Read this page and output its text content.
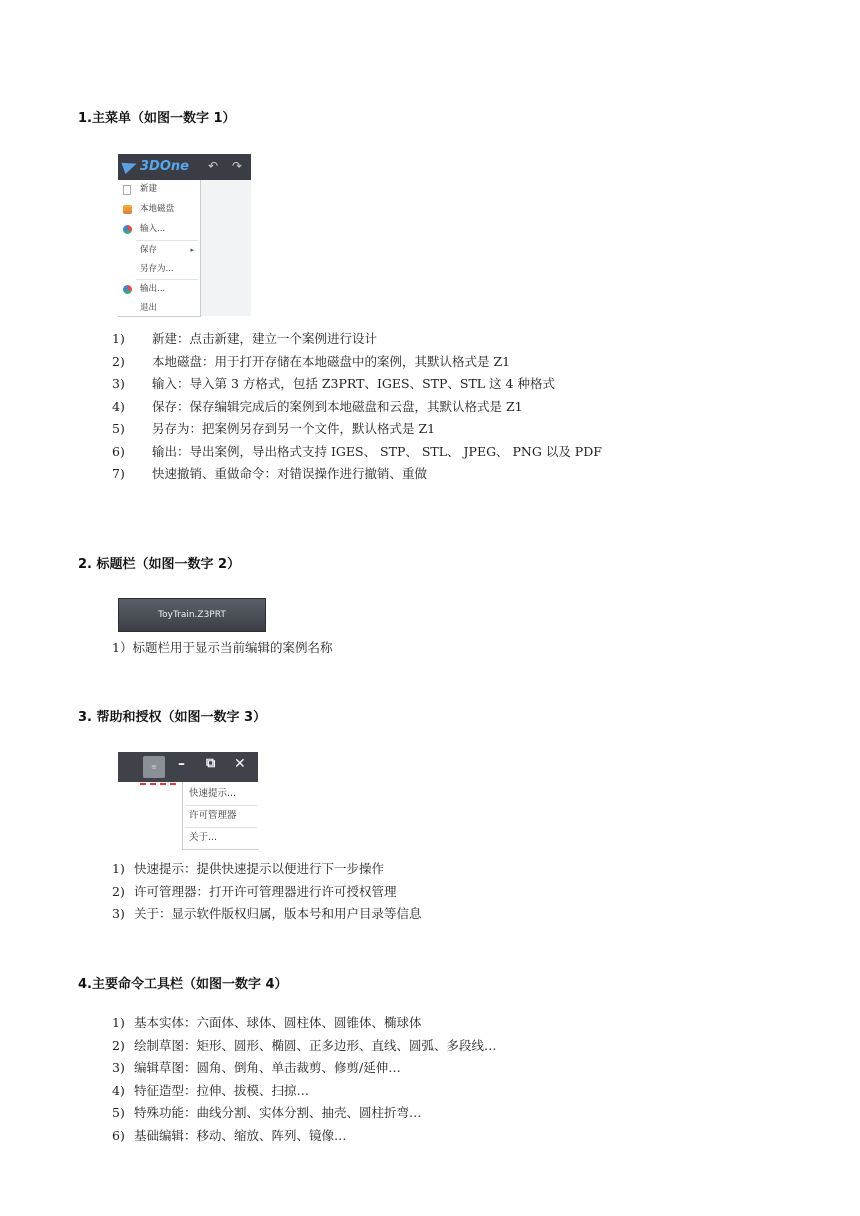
1.主菜单（如图一数字 1）
3DOne ↶ ↷
新建
本地磁盘
输入...
保存	▸
另存为...
输出...
退出
1) 新建：点击新建，建立一个案例进行设计
2) 本地磁盘：用于打开存储在本地磁盘中的案例，其默认格式是 Z1
3) 输入：导入第 3 方格式，包括 Z3PRT、IGES、STP、STL 这 4 种格式
4) 保存：保存编辑完成后的案例到本地磁盘和云盘，其默认格式是 Z1
5) 另存为：把案例另存到另一个文件，默认格式是 Z1
6) 输出：导出案例，导出格式支持 IGES、 STP、 STL、 JPEG、 PNG 以及 PDF
7) 快速撤销、重做命令：对错误操作进行撤销、重做
2. 标题栏（如图一数字 2）
ToyTrain.Z3PRT
1）标题栏用于显示当前编辑的案例名称
3. 帮助和授权（如图一数字 3）
≡	– ⧉ ✕
快速提示...
许可管理器
关于...
1) 快速提示：提供快速提示以便进行下一步操作
2) 许可管理器：打开许可管理器进行许可授权管理
3) 关于：显示软件版权归属，版本号和用户目录等信息
4.主要命令工具栏（如图一数字 4）
1) 基本实体：六面体、球体、圆柱体、圆锥体、椭球体
2) 绘制草图：矩形、圆形、椭圆、正多边形、直线、圆弧、多段线…
3) 编辑草图：圆角、倒角、单击裁剪、修剪/延伸…
4) 特征造型：拉伸、拔模、扫掠…
5) 特殊功能：曲线分割、实体分割、抽壳、圆柱折弯…
6) 基础编辑：移动、缩放、阵列、镜像…
